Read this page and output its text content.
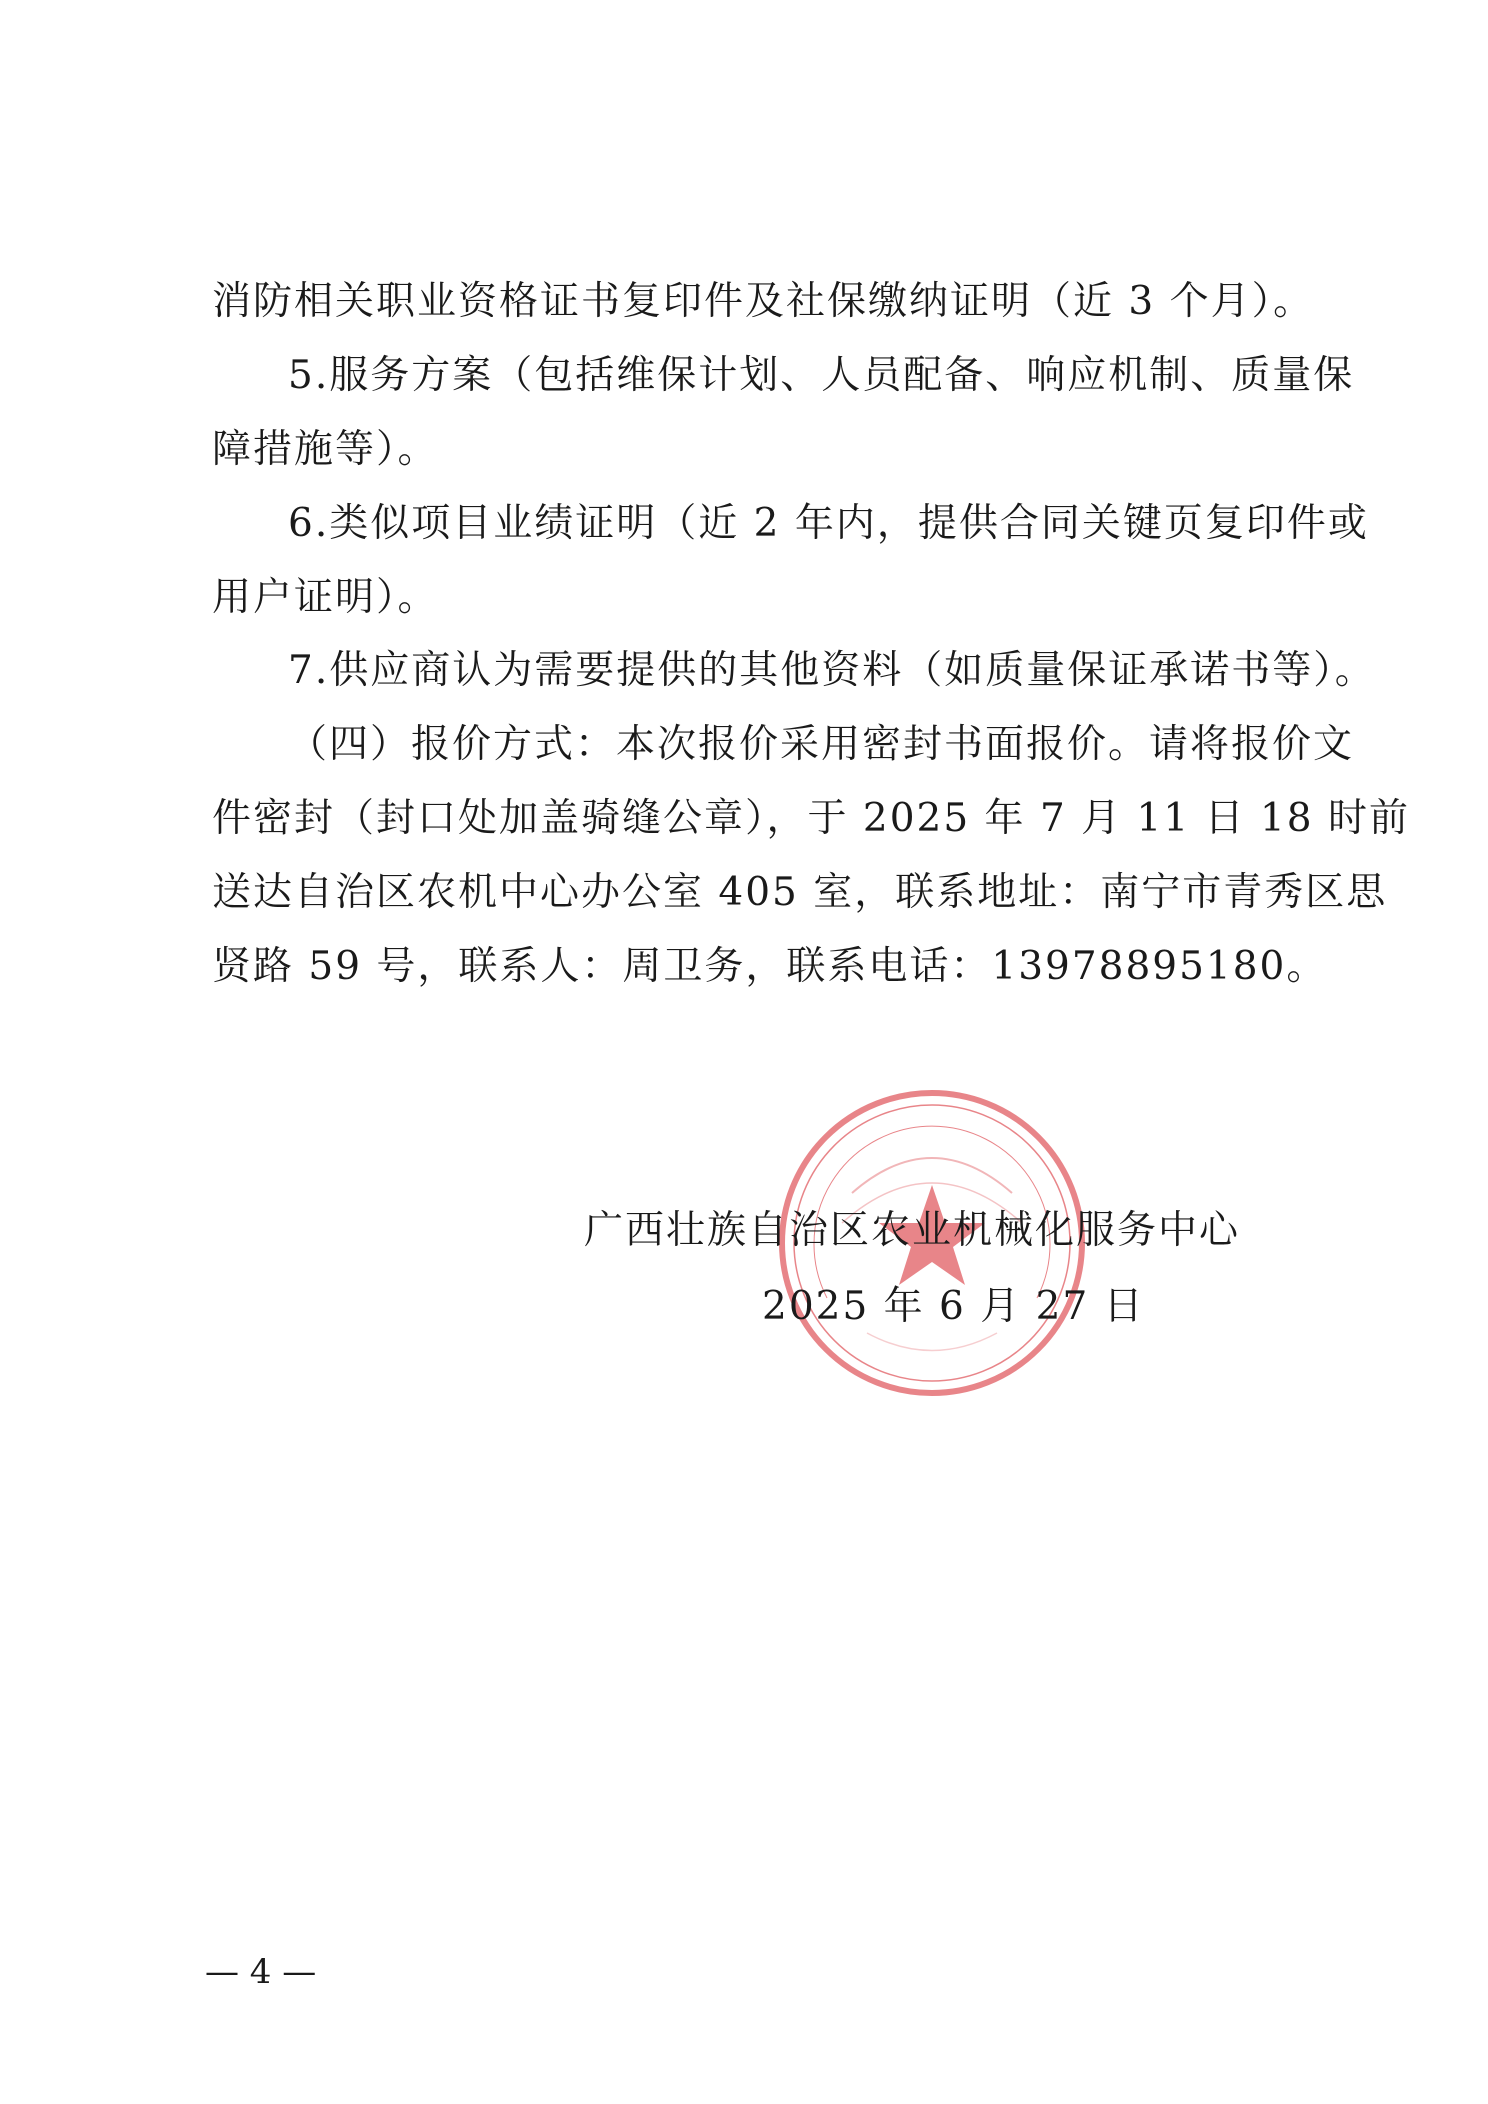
消防相关职业资格证书复印件及社保缴纳证明（近 3 个月）。
5.服务方案（包括维保计划、人员配备、响应机制、质量保
障措施等）。
6.类似项目业绩证明（近 2 年内，提供合同关键页复印件或
用户证明）。
7.供应商认为需要提供的其他资料（如质量保证承诺书等）。
（四）报价方式：本次报价采用密封书面报价。请将报价文
件密封（封口处加盖骑缝公章），于 2025 年 7 月 11 日 18 时前
送达自治区农机中心办公室 405 室，联系地址：南宁市青秀区思
贤路 59 号，联系人：周卫务，联系电话：13978895180。
广西壮族自治区农业机械化服务中心
2025 年 6 月 27 日
— 4 —
